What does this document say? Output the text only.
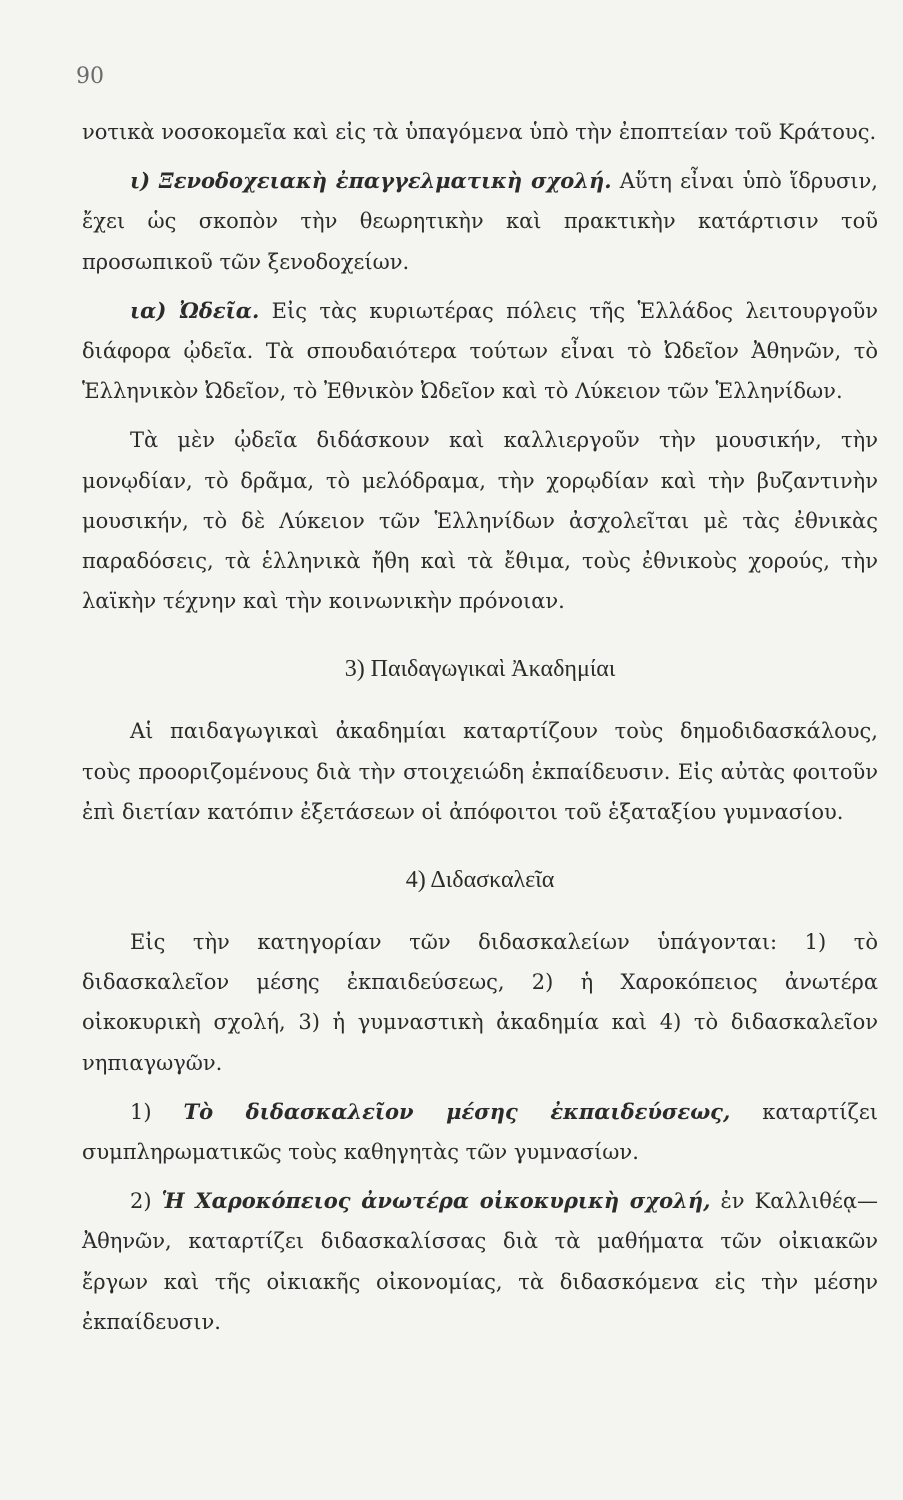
90

νοτικὰ νοσοκομεῖα καὶ εἰς τὰ ὑπαγόμενα ὑπὸ τὴν ἐποπτείαν τοῦ Κράτους.

ι) Ξενοδοχειακὴ ἐπαγγελματικὴ σχολή. Αὕτη εἶναι ὑπὸ ἵδρυσιν, ἔχει ὡς σκοπὸν τὴν θεωρητικὴν καὶ πρακτικὴν κατάρτισιν τοῦ προσωπικοῦ τῶν ξενοδοχείων.

ια) Ὠδεῖα. Εἰς τὰς κυριωτέρας πόλεις τῆς Ἑλλάδος λειτουργοῦν διάφορα ᾠδεῖα. Τὰ σπουδαιότερα τούτων εἶναι τὸ Ὠδεῖον Ἀθηνῶν, τὸ Ἑλληνικὸν Ὠδεῖον, τὸ Ἐθνικὸν Ὠδεῖον καὶ τὸ Λύκειον τῶν Ἑλληνίδων.

Τὰ μὲν ᾠδεῖα διδάσκουν καὶ καλλιεργοῦν τὴν μουσικήν, τὴν μονῳδίαν, τὸ δρᾶμα, τὸ μελόδραμα, τὴν χορῳδίαν καὶ τὴν βυζαντινὴν μουσικήν, τὸ δὲ Λύκειον τῶν Ἑλληνίδων ἀσχολεῖται μὲ τὰς ἐθνικὰς παραδόσεις, τὰ ἑλληνικὰ ἤθη καὶ τὰ ἔθιμα, τοὺς ἐθνικοὺς χορούς, τὴν λαϊκὴν τέχνην καὶ τὴν κοινωνικὴν πρόνοιαν.

3) Παιδαγωγικαὶ Ἀκαδημίαι

Αἱ παιδαγωγικαὶ ἀκαδημίαι καταρτίζουν τοὺς δημοδιδασκάλους, τοὺς προοριζομένους διὰ τὴν στοιχειώδη ἐκπαίδευσιν. Εἰς αὐτὰς φοιτοῦν ἐπὶ διετίαν κατόπιν ἐξετάσεων οἱ ἀπόφοιτοι τοῦ ἑξαταξίου γυμνασίου.

4) Διδασκαλεῖα

Εἰς τὴν κατηγορίαν τῶν διδασκαλείων ὑπάγονται: 1) τὸ διδασκαλεῖον μέσης ἐκπαιδεύσεως, 2) ἡ Χαροκόπειος ἀνωτέρα οἰκοκυρικὴ σχολή, 3) ἡ γυμναστικὴ ἀκαδημία καὶ 4) τὸ διδασκαλεῖον νηπιαγωγῶν.

1) Τὸ διδασκαλεῖον μέσης ἐκπαιδεύσεως, καταρτίζει συμπληρωματικῶς τοὺς καθηγητὰς τῶν γυμνασίων.

2) Ἡ Χαροκόπειος ἀνωτέρα οἰκοκυρικὴ σχολή, ἐν Καλλιθέᾳ—Ἀθηνῶν, καταρτίζει διδασκαλίσσας διὰ τὰ μαθήματα τῶν οἰκιακῶν ἔργων καὶ τῆς οἰκιακῆς οἰκονομίας, τὰ διδασκόμενα εἰς τὴν μέσην ἐκπαίδευσιν.
